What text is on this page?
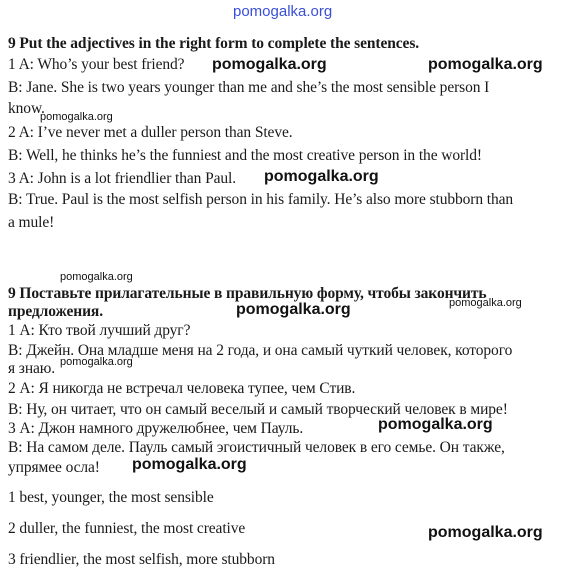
pomogalka.org
9 Put the adjectives in the right form to complete the sentences.
1 A: Who’s your best friend?
B: Jane. She is two years younger than me and she’s the most sensible person I
know.
2 A: I’ve never met a duller person than Steve.
B: Well, he thinks he’s the funniest and the most creative person in the world!
3 A: John is a lot friendlier than Paul.
B: True. Paul is the most selfish person in his family. He’s also more stubborn than
a mule!
9 Поставьте прилагательные в правильную форму, чтобы закончить
предложения.
1 А: Кто твой лучший друг?
В: Джейн. Она младше меня на 2 года, и она самый чуткий человек, которого
я знаю.
2 А: Я никогда не встречал человека тупее, чем Стив.
В: Ну, он читает, что он самый веселый и самый творческий человек в мире!
3 А: Джон намного дружелюбнее, чем Пауль.
В: На самом деле. Пауль самый эгоистичный человек в его семье. Он также,
упрямее осла!
1 best, younger, the most sensible
2 duller, the funniest, the most creative
3 friendlier, the most selfish, more stubborn
pomogalka.org	pomogalka.org
pomogalka.org
pomogalka.org
pomogalka.org
pomogalka.org	pomogalka.org
pomogalka.org
pomogalka.org
pomogalka.org
pomogalka.org
